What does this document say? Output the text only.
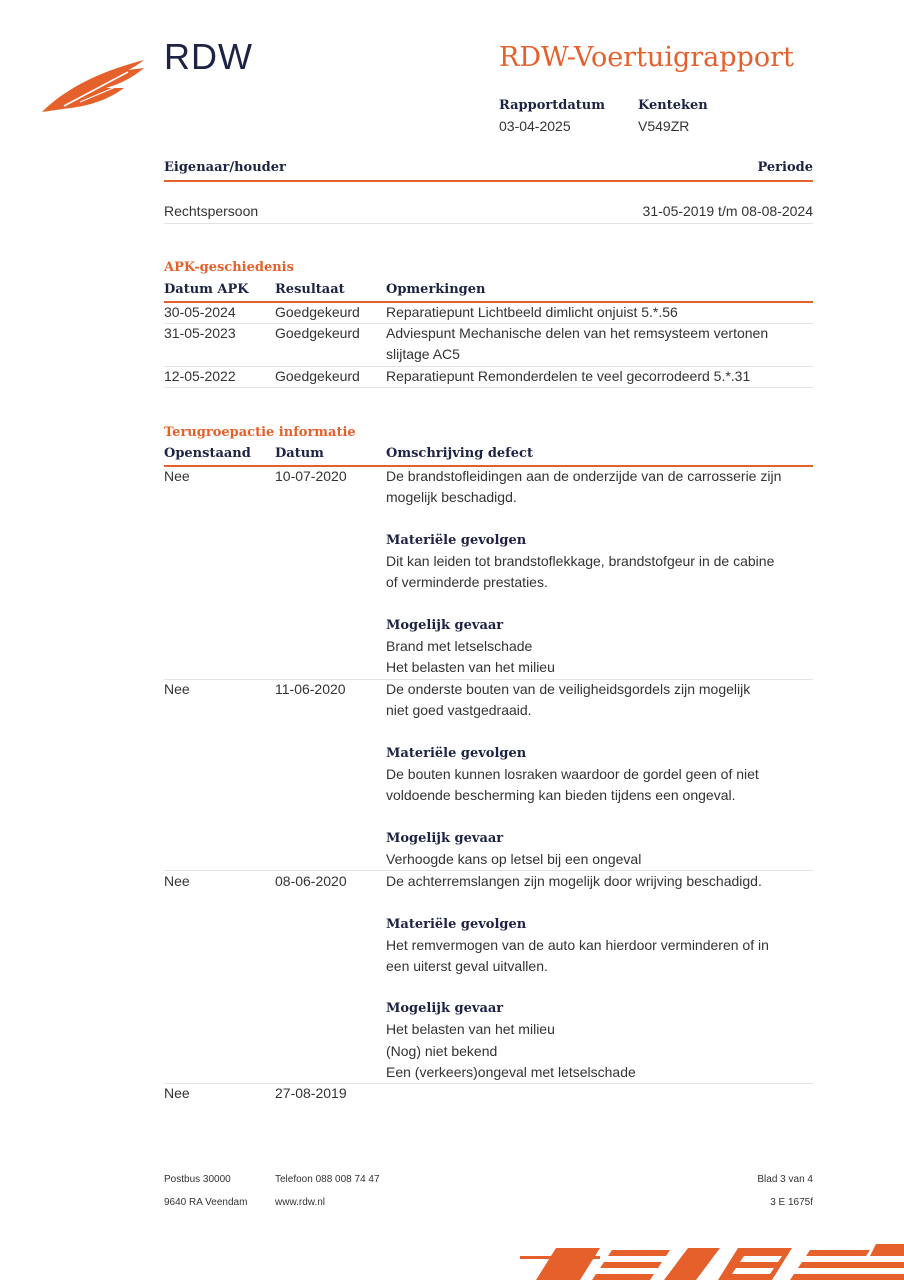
RDW	RDW-Voertuigrapport
Rapportdatum
03-04-2025
Kenteken
V549ZR
Eigenaar/houder	Periode
Rechtspersoon	31-05-2019 t/m 08-08-2024
APK-geschiedenis
Datum APK Resultaat	Opmerkingen
30-05-2024	Goedgekeurd Reparatiepunt Lichtbeeld dimlicht onjuist 5.*.56
31-05-2023	Goedgekeurd Adviespunt Mechanische delen van het remsysteem vertonen slijtage AC5
12-05-2022	Goedgekeurd Reparatiepunt Remonderdelen te veel gecorrodeerd 5.*.31
Terugroepactie informatie
Openstaand Datum	Omschrijving defect
Nee	10-07-2020	De brandstofleidingen aan de onderzijde van de carrosserie zijn mogelijk beschadigd.

Materiële gevolgen

Dit kan leiden tot brandstoflekkage, brandstofgeur in de cabine of verminderde prestaties.

Mogelijk gevaar

Brand met letselschade

Het belasten van het milieu

Nee	11-06-2020	De onderste bouten van de veiligheidsgordels zijn mogelijk niet goed vastgedraaid.

Materiële gevolgen

De bouten kunnen losraken waardoor de gordel geen of niet voldoende bescherming kan bieden tijdens een ongeval.

Mogelijk gevaar

Verhoogde kans op letsel bij een ongeval

Nee	08-06-2020	De achterremslangen zijn mogelijk door wrijving beschadigd.

Materiële gevolgen

Het remvermogen van de auto kan hierdoor verminderen of in een uiterst geval uitvallen.

Mogelijk gevaar

Het belasten van het milieu

(Nog) niet bekend

Een (verkeers)ongeval met letselschade

Nee	27-08-2019
Postbus 30000
9640 RA Veendam
Telefoon 088 008 74 47
www.rdw.nl
Blad 3 van 4
3 E 1675f
